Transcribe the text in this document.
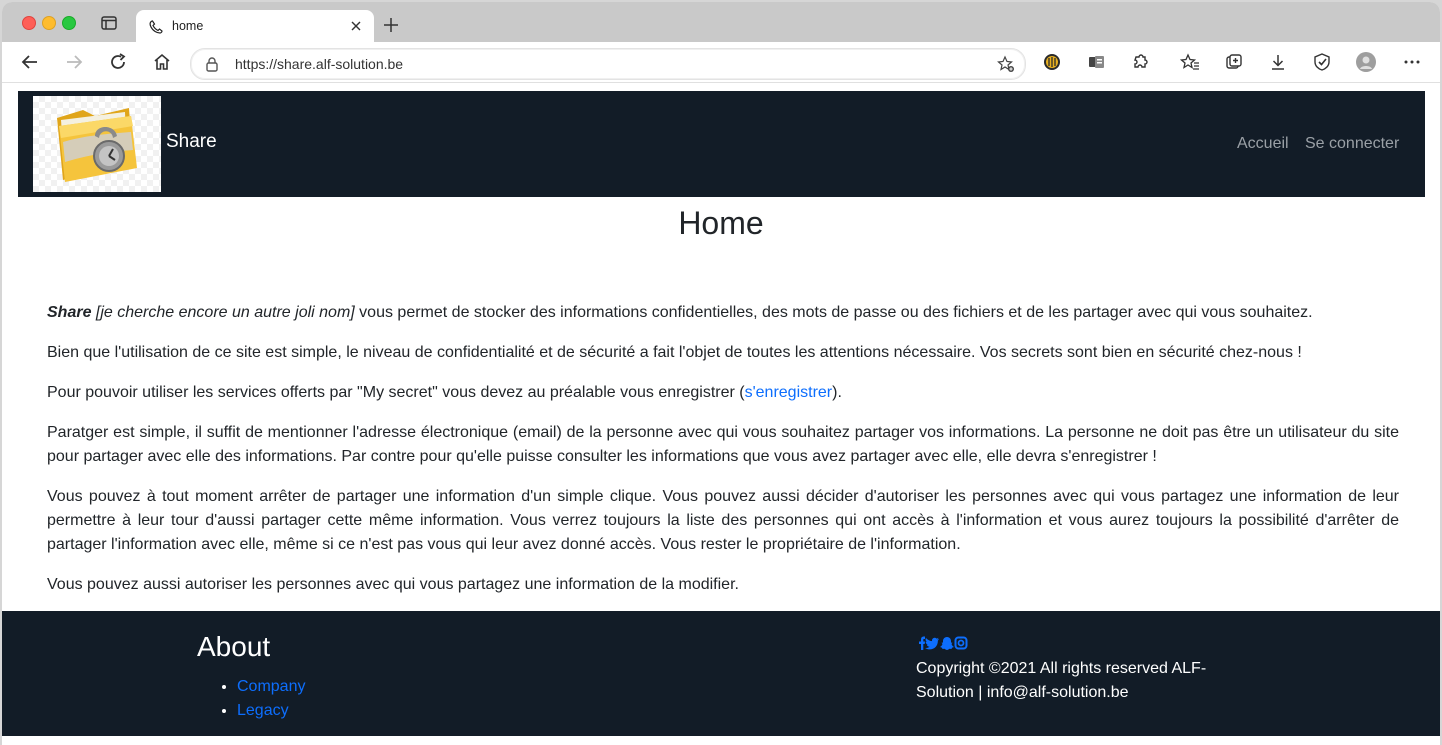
home
https://share.alf-solution.be
Share	Accueil Se connecter
Home

Share [je cherche encore un autre joli nom] vous permet de stocker des informations confidentielles, des mots de passe ou des fichiers et de les partager avec qui vous souhaitez.

Bien que l'utilisation de ce site est simple, le niveau de confidentialité et de sécurité a fait l'objet de toutes les attentions nécessaire. Vos secrets sont bien en sécurité chez-nous !

Pour pouvoir utiliser les services offerts par "My secret" vous devez au préalable vous enregistrer (s'enregistrer).

Paratger est simple, il suffit de mentionner l'adresse électronique (email) de la personne avec qui vous souhaitez partager vos informations. La personne ne doit pas être un utilisateur du site pour partager avec elle des informations. Par contre pour qu'elle puisse consulter les informations que vous avez partager avec elle, elle devra s'enregistrer !

Vous pouvez à tout moment arrêter de partager une information d'un simple clique. Vous pouvez aussi décider d'autoriser les personnes avec qui vous partagez une information de leur permettre à leur tour d'aussi partager cette même information. Vous verrez toujours la liste des personnes qui ont accès à l'information et vous aurez toujours la possibilité d'arrêter de partager l'information avec elle, même si ce n'est pas vous qui leur avez donné accès. Vous rester le propriétaire de l'information.

Vous pouvez aussi autoriser les personnes avec qui vous partagez une information de la modifier.

About
• Company
• Legacy
Copyright ©2021 All rights reserved ALF-Solution | info@alf-solution.be
